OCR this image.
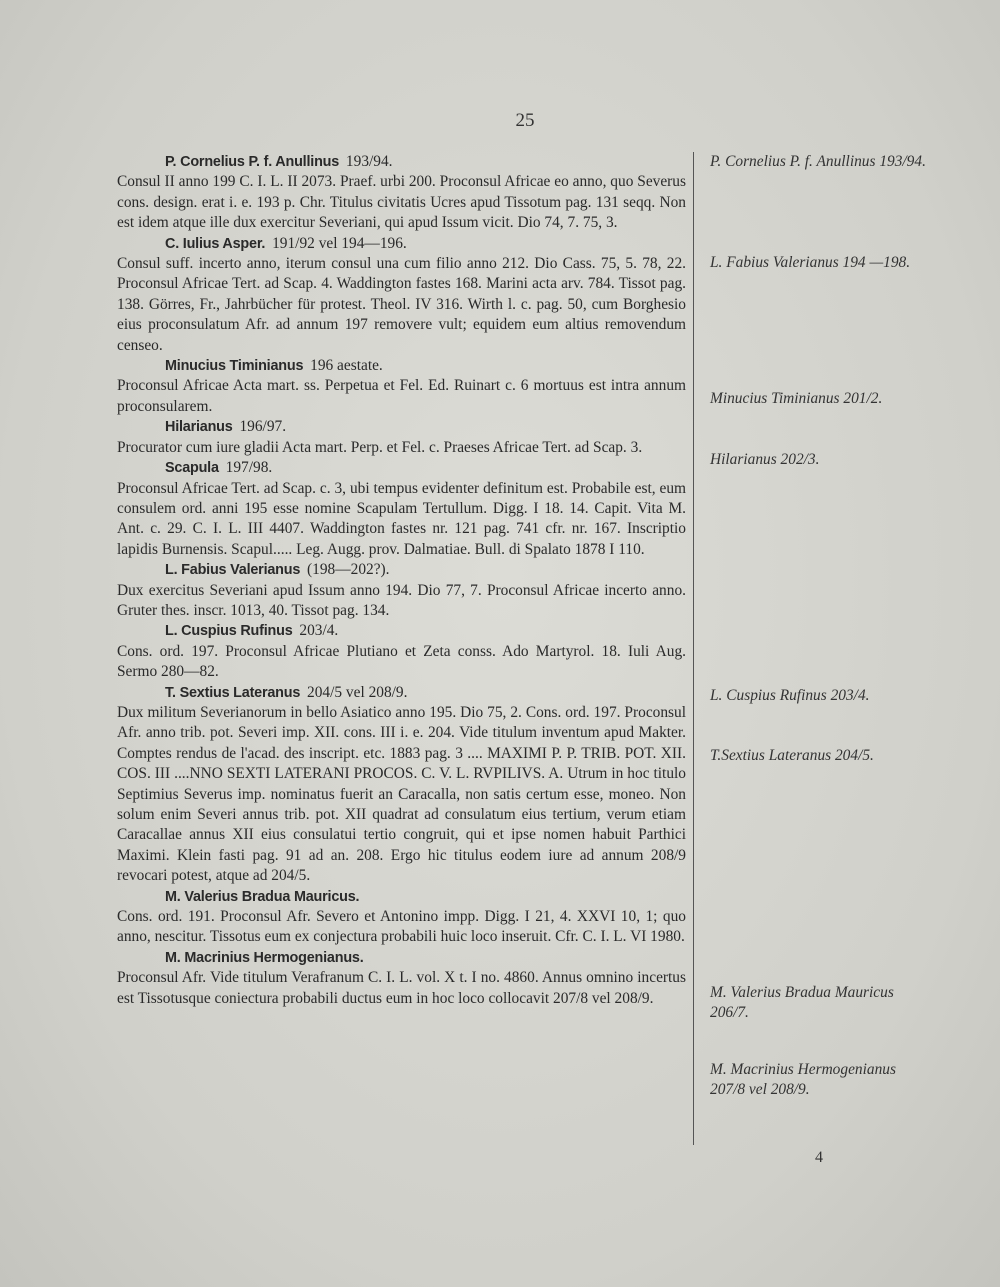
25
P. Cornelius P. f. Anullinus 193/94.
Consul II anno 199 C. I. L. II 2073. Praef. urbi 200. Proconsul Africae eo anno, quo Severus cons. design. erat i. e. 193 p. Chr. Titulus civitatis Ucres apud Tissotum pag. 131 seqq. Non est idem atque ille dux exercitur Severiani, qui apud Issum vicit. Dio 74, 7. 75, 3.
C. Iulius Asper. 191/92 vel 194—196.
Consul suff. incerto anno, iterum consul una cum filio anno 212. Dio Cass. 75, 5. 78, 22. Proconsul Africae Tert. ad Scap. 4. Waddington fastes 168. Marini acta arv. 784. Tissot pag. 138. Görres, Fr., Jahrbücher für protest. Theol. IV 316. Wirth l. c. pag. 50, cum Borghesio eius proconsulatum Afr. ad annum 197 removere vult; equidem eum altius removendum censeo.
Minucius Timinianus 196 aestate.
Proconsul Africae Acta mart. ss. Perpetua et Fel. Ed. Ruinart c. 6 mortuus est intra annum proconsularem.
Hilarianus 196/97.
Procurator cum iure gladii Acta mart. Perp. et Fel. c. Praeses Africae Tert. ad Scap. 3.
Scapula 197/98.
Proconsul Africae Tert. ad Scap. c. 3, ubi tempus evidenter definitum est. Probabile est, eum consulem ord. anni 195 esse nomine Scapulam Tertullum. Digg. I 18. 14. Capit. Vita M. Ant. c. 29. C. I. L. III 4407. Waddington fastes nr. 121 pag. 741 cfr. nr. 167. Inscriptio lapidis Burnensis. Scapul..... Leg. Augg. prov. Dalmatiae. Bull. di Spalato 1878 I 110.
L. Fabius Valerianus (198—202?).
Dux exercitus Severiani apud Issum anno 194. Dio 77, 7. Proconsul Africae incerto anno. Gruter thes. inscr. 1013, 40. Tissot pag. 134.
L. Cuspius Rufinus 203/4.
Cons. ord. 197. Proconsul Africae Plutiano et Zeta conss. Ado Martyrol. 18. Iuli Aug. Sermo 280—82.
T. Sextius Lateranus 204/5 vel 208/9.
Dux militum Severianorum in bello Asiatico anno 195. Dio 75, 2. Cons. ord. 197. Proconsul Afr. anno trib. pot. Severi imp. XII. cons. III i. e. 204. Vide titulum inventum apud Makter. Comptes rendus de l'acad. des inscript. etc. 1883 pag. 3 .... MAXIMI P. P. TRIB. POT. XII. COS. III ....NNO SEXTI LATERANI PROCOS. C. V. L. RVPILIVS. A. Utrum in hoc titulo Septimius Severus imp. nominatus fuerit an Caracalla, non satis certum esse, moneo. Non solum enim Severi annus trib. pot. XII quadrat ad consulatum eius tertium, verum etiam Caracallae annus XII eius consulatui tertio congruit, qui et ipse nomen habuit Parthici Maximi. Klein fasti pag. 91 ad an. 208. Ergo hic titulus eodem iure ad annum 208/9 revocari potest, atque ad 204/5.
M. Valerius Bradua Mauricus.
Cons. ord. 191. Proconsul Afr. Severo et Antonino impp. Digg. I 21, 4. XXVI 10, 1; quo anno, nescitur. Tissotus eum ex conjectura probabili huic loco inseruit. Cfr. C. I. L. VI 1980.
M. Macrinius Hermogenianus.
Proconsul Afr. Vide titulum Verafranum C. I. L. vol. X t. I no. 4860. Annus omnino incertus est Tissotusque coniectura probabili ductus eum in hoc loco collocavit 207/8 vel 208/9.
P. Cornelius P. f. Anullinus 193/94.
L. Fabius Valerianus 194 —198.
Minucius Timinianus 201/2.
Hilarianus 202/3.
L. Cuspius Rufinus 203/4.
T.Sextius Lateranus 204/5.
M. Valerius Bradua Mauricus 206/7.
M. Macrinius Hermogenianus 207/8 vel 208/9.
4
